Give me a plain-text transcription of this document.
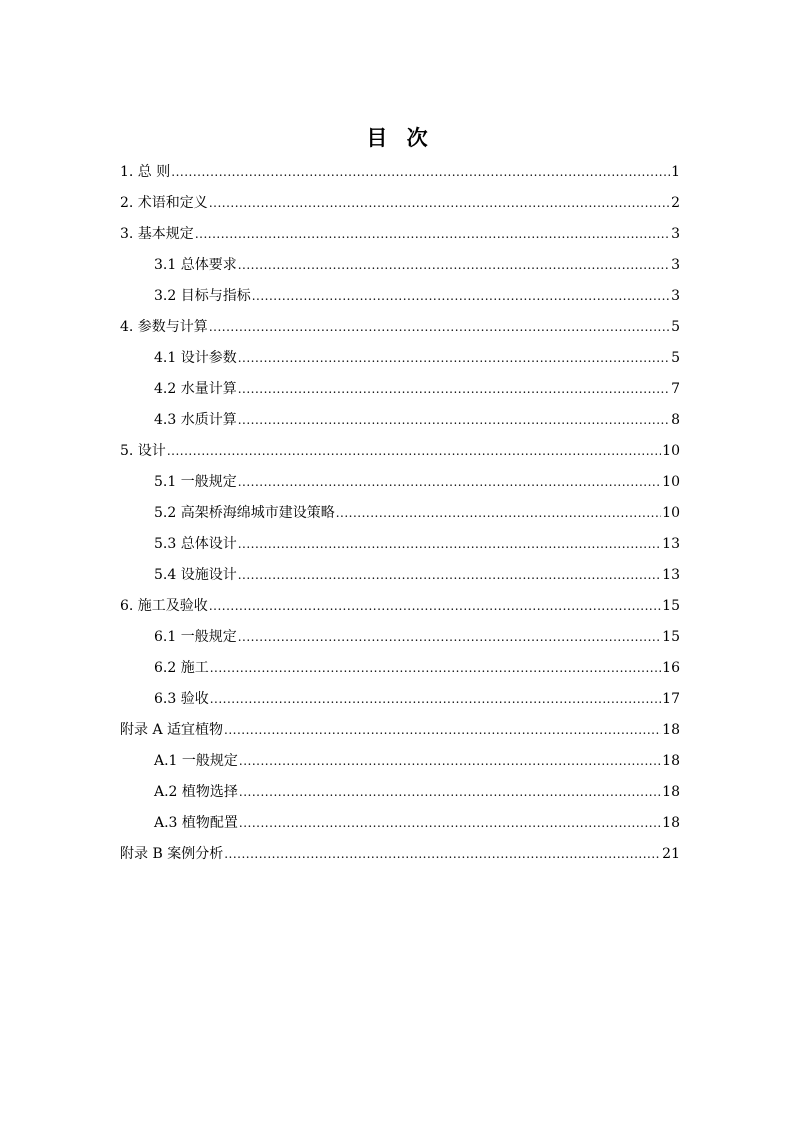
目 次
1. 总 则 .....	1
2. 术语和定义 .....	2
3. 基本规定 .....	3
3.1 总体要求 .....	3
3.2 目标与指标 .....	3
4. 参数与计算 .....	5
4.1 设计参数 .....	5
4.2 水量计算 .....	7
4.3 水质计算 .....	8
5. 设计 .....	10
5.1 一般规定 .....	10
5.2 高架桥海绵城市建设策略 .....	10
5.3 总体设计 .....	13
5.4 设施设计 .....	13
6. 施工及验收 .....	15
6.1 一般规定 .....	15
6.2 施工 .....	16
6.3 验收 .....	17
附录 A 适宜植物 .....	18
A.1 一般规定 .....	18
A.2 植物选择 .....	18
A.3 植物配置 .....	18
附录 B 案例分析 .....	21
